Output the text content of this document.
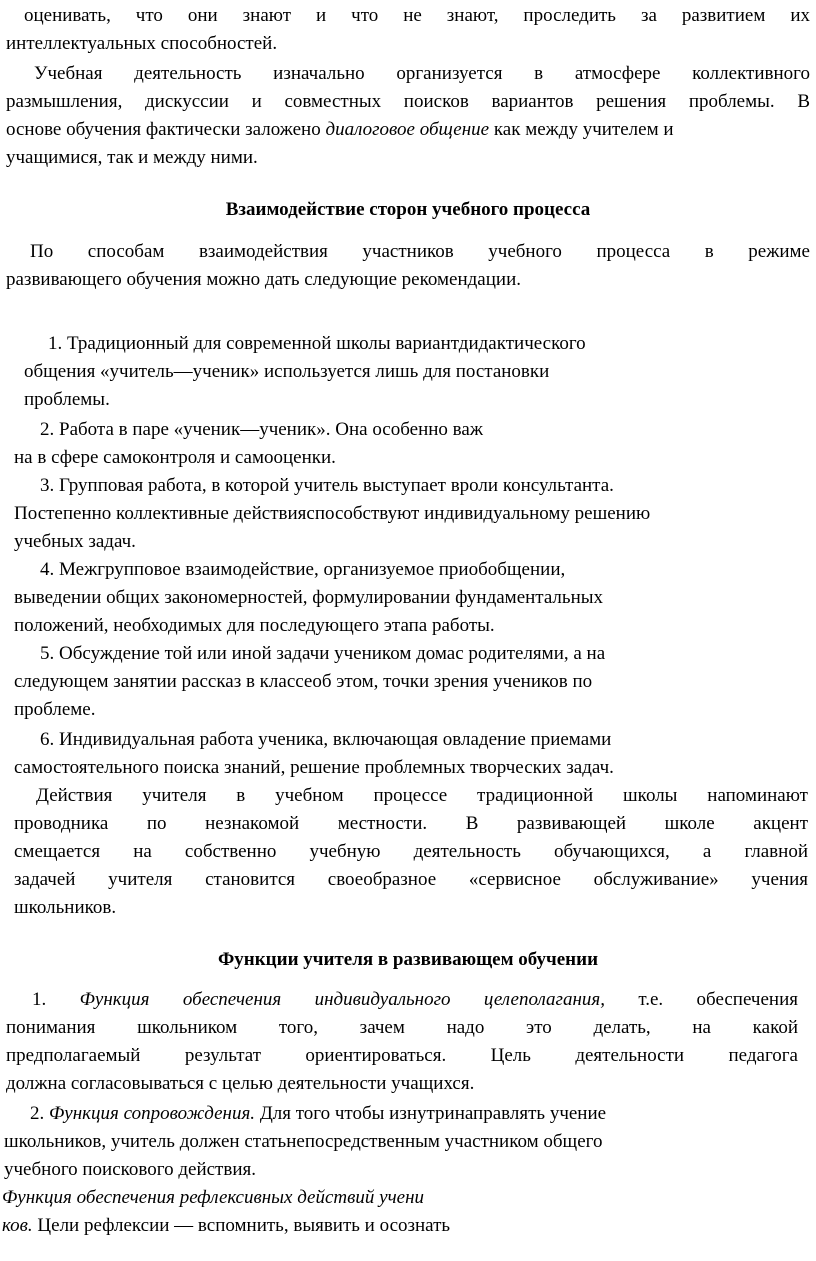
оценивать, что они знают и что не знают, проследить за развитием их
интеллектуальных способностей.
Учебная деятельность изначально организуется в атмосфере коллективного
размышления, дискуссии и совместных поисков вариантов решения проблемы. В
основе обучения фактически заложено диалоговое общение как между учителем и
учащимися, так и между ними.
Взаимодействие сторон учебного процесса
По способам взаимодействия участников учебного процесса в режиме
развивающего обучения можно дать следующие рекомендации.
1. Традиционный для современной школы вариантдидактического
общения «учитель—ученик» используется лишь для постановки
проблемы.
2. Работа в паре «ученик—ученик». Она особенно важ
на в сфере самоконтроля и самооценки.
3. Групповая работа, в которой учитель выступает вроли консультанта.
Постепенно коллективные действияспособствуют индивидуальному решению
учебных задач.
4. Межгрупповое взаимодействие, организуемое приобобщении,
выведении общих закономерностей, формулировании фундаментальных
положений, необходимых для последующего этапа работы.
5. Обсуждение той или иной задачи учеником домас родителями, а на
следующем занятии рассказ в классеоб этом, точки зрения учеников по
проблеме.
6. Индивидуальная работа ученика, включающая овладение приемами
самостоятельного поиска знаний, решение проблемных творческих задач.
Действия учителя в учебном процессе традиционной школы напоминают
проводника по незнакомой местности. В развивающей школе акцент
смещается на собственно учебную деятельность обучающихся, а главной
задачей учителя становится своеобразное «сервисное обслуживание» учения
школьников.
Функции учителя в развивающем обучении
1. Функция обеспечения индивидуального целеполагания, т.е. обеспечения
понимания школьником того, зачем надо это делать, на какой
предполагаемый результат ориентироваться. Цель деятельности педагога
должна согласовываться с целью деятельности учащихся.
2. Функция сопровождения. Для того чтобы изнутринаправлять учение
школьников, учитель должен статьнепосредственным участником общего
учебного поискового действия.
Функция обеспечения рефлексивных действий учени
ков. Цели рефлексии — вспомнить, выявить и осознать
